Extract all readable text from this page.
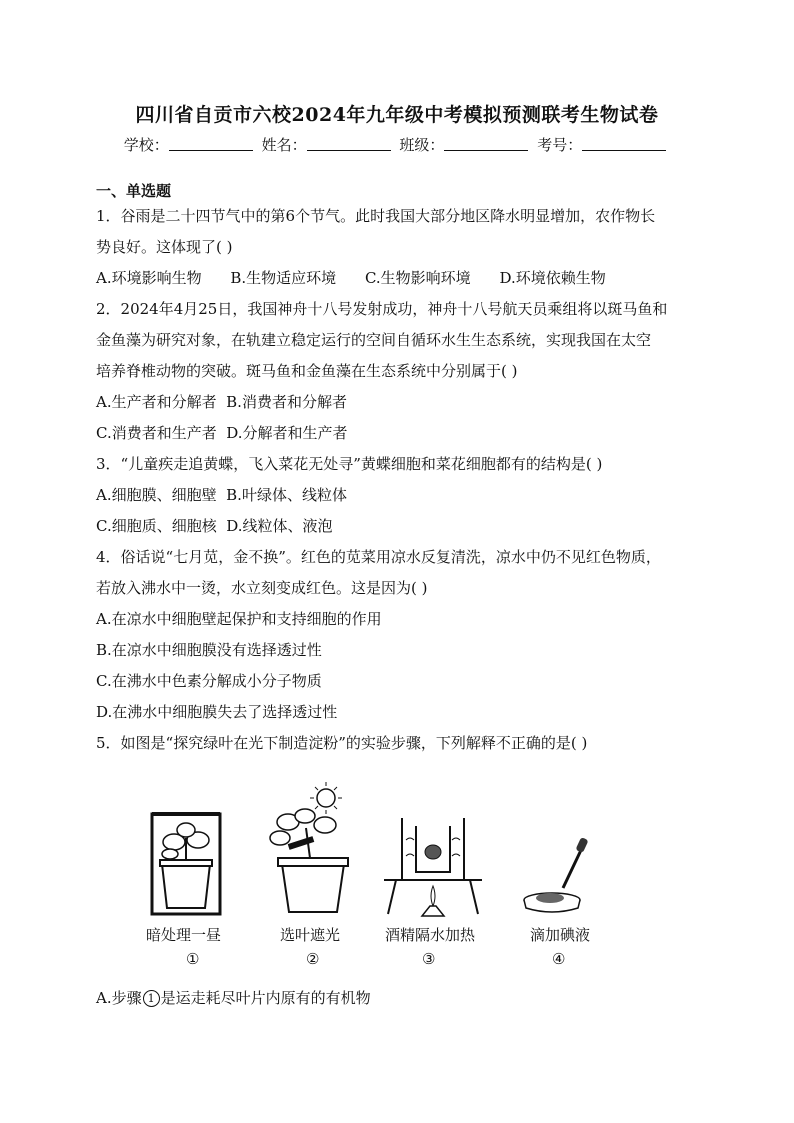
四川省自贡市六校2024年九年级中考模拟预测联考生物试卷
学校：	姓名：	班级：	考号：
一、单选题
1．谷雨是二十四节气中的第6个节气。此时我国大部分地区降水明显增加，农作物长
势良好。这体现了( )
A.环境影响生物 B.生物适应环境 C.生物影响环境 D.环境依赖生物
2．2024年4月25日，我国神舟十八号发射成功，神舟十八号航天员乘组将以斑马鱼和
金鱼藻为研究对象，在轨建立稳定运行的空间自循环水生生态系统，实现我国在太空
培养脊椎动物的突破。斑马鱼和金鱼藻在生态系统中分别属于( )
A.生产者和分解者 B.消费者和分解者
C.消费者和生产者 D.分解者和生产者
3．“儿童疾走追黄蝶，飞入菜花无处寻”黄蝶细胞和菜花细胞都有的结构是( )
A.细胞膜、细胞壁 B.叶绿体、线粒体
C.细胞质、细胞核 D.线粒体、液泡
4．俗话说“七月苋，金不换”。红色的苋菜用凉水反复清洗，凉水中仍不见红色物质，
若放入沸水中一烫，水立刻变成红色。这是因为( )
A.在凉水中细胞壁起保护和支持细胞的作用
B.在凉水中细胞膜没有选择透过性
C.在沸水中色素分解成小分子物质
D.在沸水中细胞膜失去了选择透过性
5．如图是“探究绿叶在光下制造淀粉”的实验步骤，下列解释不正确的是( )
暗处理一昼	选叶遮光	酒精隔水加热	滴加碘液
①	②	③	④
A.步骤 1 是运走耗尽叶片内原有的有机物
